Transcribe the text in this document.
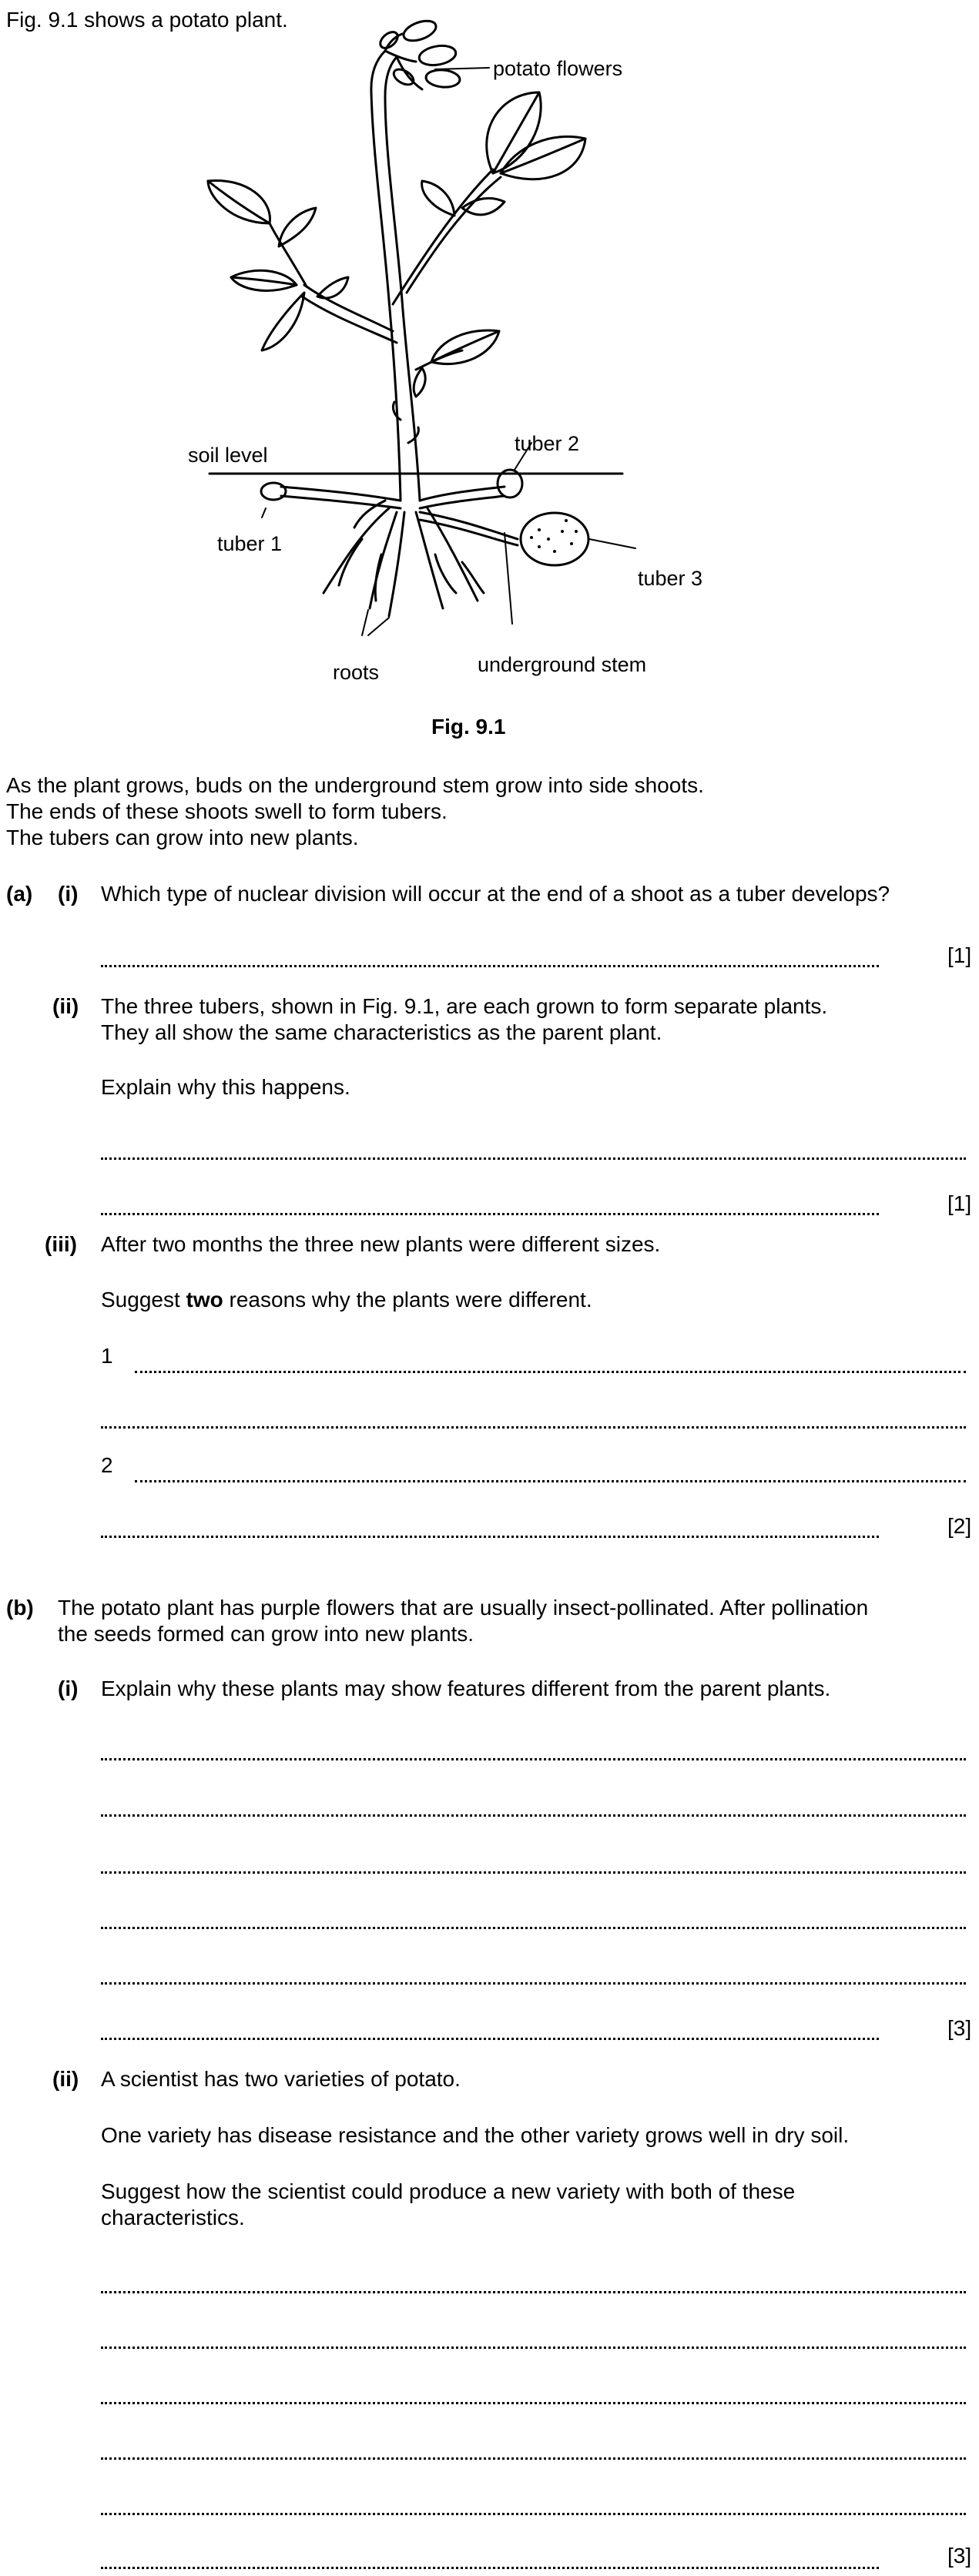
Fig. 9.1 shows a potato plant.
potato flowers
soil level	tuber 2
tuber 1
tuber 3
roots	underground stem
Fig. 9.1
As the plant grows, buds on the underground stem grow into side shoots.
The ends of these shoots swell to form tubers.
The tubers can grow into new plants.
(a) (i) Which type of nuclear division will occur at the end of a shoot as a tuber develops?
[1]
(ii) The three tubers, shown in Fig. 9.1, are each grown to form separate plants.
They all show the same characteristics as the parent plant.
Explain why this happens.
[1]
(iii) After two months the three new plants were different sizes.
Suggest two reasons why the plants were different.
1
2
[2]
(b) The potato plant has purple flowers that are usually insect-pollinated. After pollination
the seeds formed can grow into new plants.
(i) Explain why these plants may show features different from the parent plants.
[3]
(ii) A scientist has two varieties of potato.
One variety has disease resistance and the other variety grows well in dry soil.
Suggest how the scientist could produce a new variety with both of these
characteristics.
[3]
